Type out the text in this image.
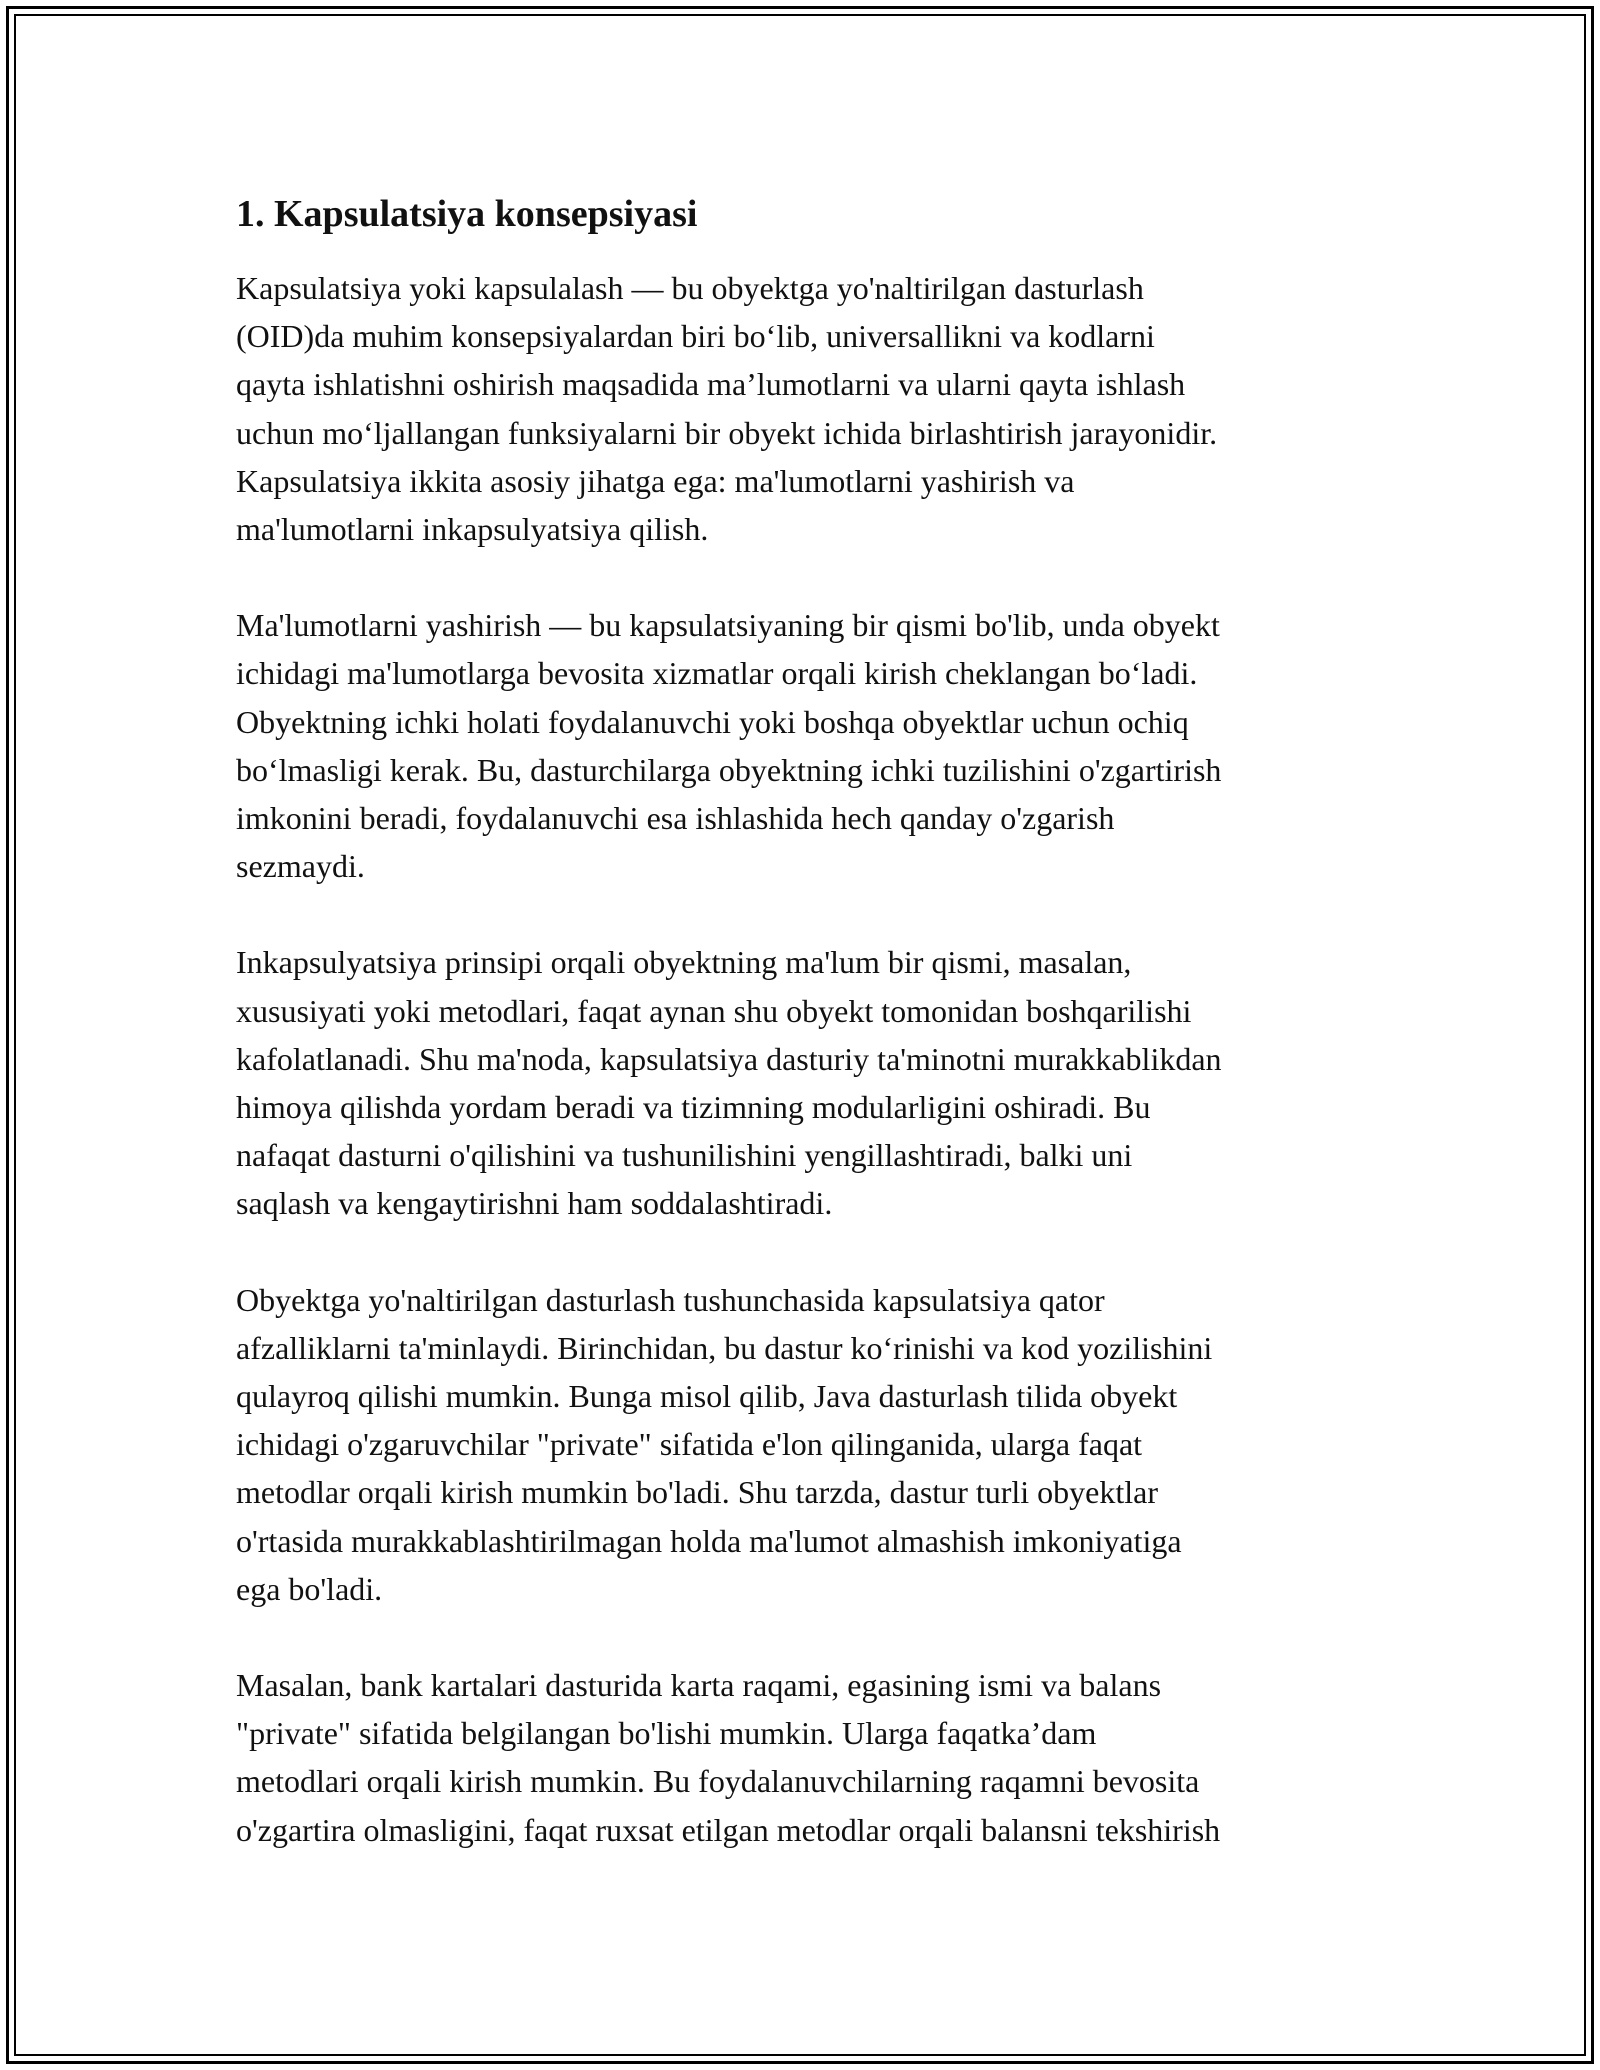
1. Kapsulatsiya konsepsiyasi

Kapsulatsiya yoki kapsulalash — bu obyektga yo'naltirilgan dasturlash
(OID)da muhim konsepsiyalardan biri bo‘lib, universallikni va kodlarni
qayta ishlatishni oshirish maqsadida ma’lumotlarni va ularni qayta ishlash
uchun mo‘ljallangan funksiyalarni bir obyekt ichida birlashtirish jarayonidir.
Kapsulatsiya ikkita asosiy jihatga ega: ma'lumotlarni yashirish va
ma'lumotlarni inkapsulyatsiya qilish.

Ma'lumotlarni yashirish — bu kapsulatsiyaning bir qismi bo'lib, unda obyekt
ichidagi ma'lumotlarga bevosita xizmatlar orqali kirish cheklangan bo‘ladi.
Obyektning ichki holati foydalanuvchi yoki boshqa obyektlar uchun ochiq
bo‘lmasligi kerak. Bu, dasturchilarga obyektning ichki tuzilishini o'zgartirish
imkonini beradi, foydalanuvchi esa ishlashida hech qanday o'zgarish
sezmaydi.

Inkapsulyatsiya prinsipi orqali obyektning ma'lum bir qismi, masalan,
xususiyati yoki metodlari, faqat aynan shu obyekt tomonidan boshqarilishi
kafolatlanadi. Shu ma'noda, kapsulatsiya dasturiy ta'minotni murakkablikdan
himoya qilishda yordam beradi va tizimning modularligini oshiradi. Bu
nafaqat dasturni o'qilishini va tushunilishini yengillashtiradi, balki uni
saqlash va kengaytirishni ham soddalashtiradi.

Obyektga yo'naltirilgan dasturlash tushunchasida kapsulatsiya qator
afzalliklarni ta'minlaydi. Birinchidan, bu dastur ko‘rinishi va kod yozilishini
qulayroq qilishi mumkin. Bunga misol qilib, Java dasturlash tilida obyekt
ichidagi o'zgaruvchilar "private" sifatida e'lon qilinganida, ularga faqat
metodlar orqali kirish mumkin bo'ladi. Shu tarzda, dastur turli obyektlar
o'rtasida murakkablashtirilmagan holda ma'lumot almashish imkoniyatiga
ega bo'ladi.

Masalan, bank kartalari dasturida karta raqami, egasining ismi va balans
"private" sifatida belgilangan bo'lishi mumkin. Ularga faqatka’dam
metodlari orqali kirish mumkin. Bu foydalanuvchilarning raqamni bevosita
o'zgartira olmasligini, faqat ruxsat etilgan metodlar orqali balansni tekshirish
